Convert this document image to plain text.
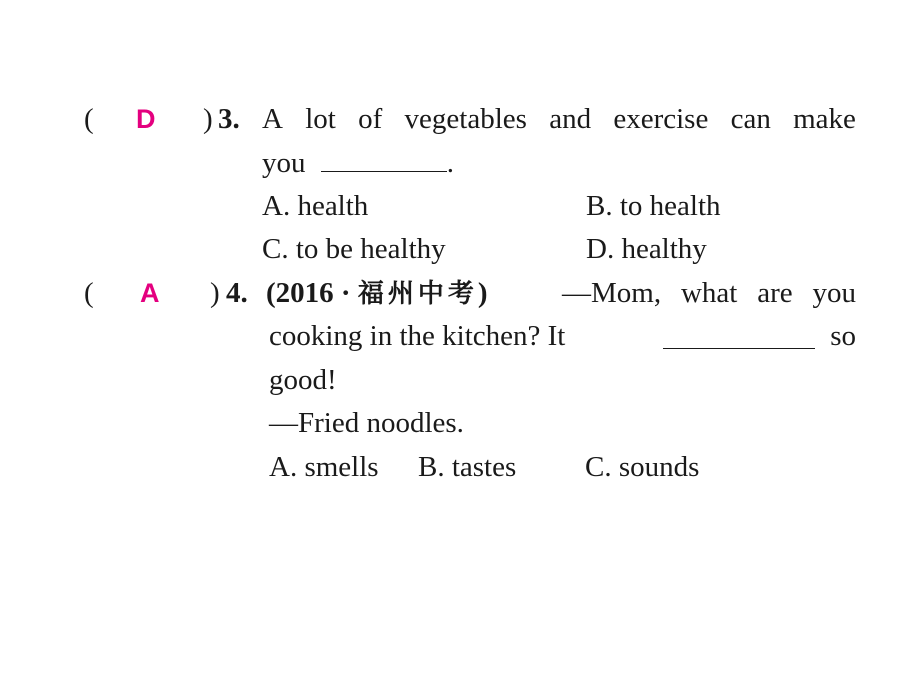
( D ) 3. A lot of vegetables and exercise can make
you	.
A. health	B. to health
C. to be healthy	D. healthy
( A ) 4. (2016 · 福州中考)	—Mom, what are you
cooking in the kitchen? It	so
good!
—Fried noodles.
A. smells B. tastes C. sounds
